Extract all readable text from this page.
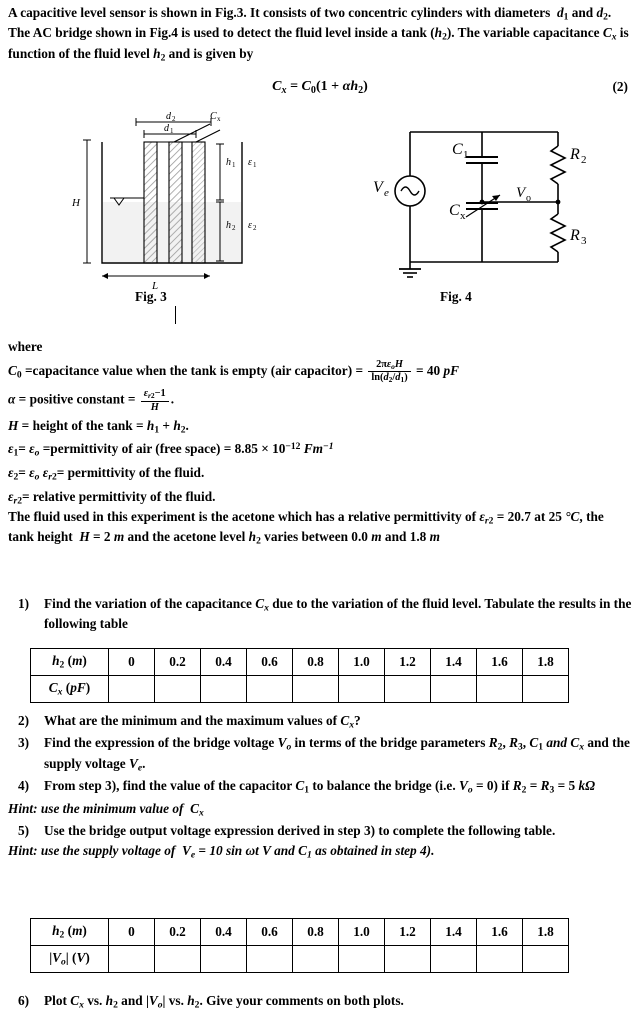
A capacitive level sensor is shown in Fig.3. It consists of two concentric cylinders with diameters  $d_1$ and $d_2$. The AC bridge shown in Fig.4 is used to detect the fluid level inside a tank $(h_2)$. The variable capacitance $C_x$ is function of the fluid level $h_2$ and is given by
$C_x = C_0(1 + \alpha h_2)$	(2)
d 2
d 1
C x
h 1 ε 1
h 2 ε 2
H
L
C 1
C x
V e
R 2
R 3
V o
Fig. 3	Fig. 4
where
$C_0$ =capacitance value when the tank is empty (air capacitor) = $\frac{2\pi\varepsilon_oH}{\ln(d_2/d_1)} = 40$ pF
α = positive constant = $\frac{\varepsilon_{r2}-1}{H}$ .
H = height of the $\tan k = h_1 + h_2$.
$\varepsilon_1= \varepsilon_o$ =permittivity of air (free space) = $8.85 \times 10^{-12}$ $Fm^{-1}$
$\varepsilon_2= \varepsilon_o$ $\varepsilon_{r2}=$ permittivity of the fluid.
$\varepsilon_{r2}=$ relative permittivity of the fluid.
The fluid used in this experiment is the acetone which has a relative permittivity of $\varepsilon_{r2} = 20.7$ at 25 °C, the tank height  H = 2 m and the acetone level $h_2$ varies between 0.0 m and 1.8 m
1) Find the variation of the capacitance $C_x$ due to the variation of the fluid level. Tabulate the results in the following table
$h_2$ (m)	0	0.2	0.4	0.6	0.8	1.0	1.2	1.4	1.6	1.8
$C_x$ (pF)										
2) What are the minimum and the maximum values of $C_x$?
3) Find the expression of the bridge voltage $V_o$ in terms of the bridge parameters $R_2$, $R_3$, $C_1$ and $C_x$ and the supply voltage $V_e$.
4) From step 3), find the value of the capacitor $C_1$ to balance the bridge (i.e. $V_o = 0$) if $R_2 = R_3 = 5$ kΩ
Hint: use the minimum value of  $C_x$
5) Use the bridge output voltage expression derived in step 3) to complete the following table.
Hint: use the supply voltage of  $V_e = 10$ sin ωt V and $C_1$ as obtained in step 4).
$h_2$ (m)	0	0.2	0.4	0.6	0.8	1.0	1.2	1.4	1.6	1.8
$|V_o|$ (V)										
6) Plot $C_x$ vs. $h_2$ and $|V_o|$ vs. $h_2$. Give your comments on both plots.
